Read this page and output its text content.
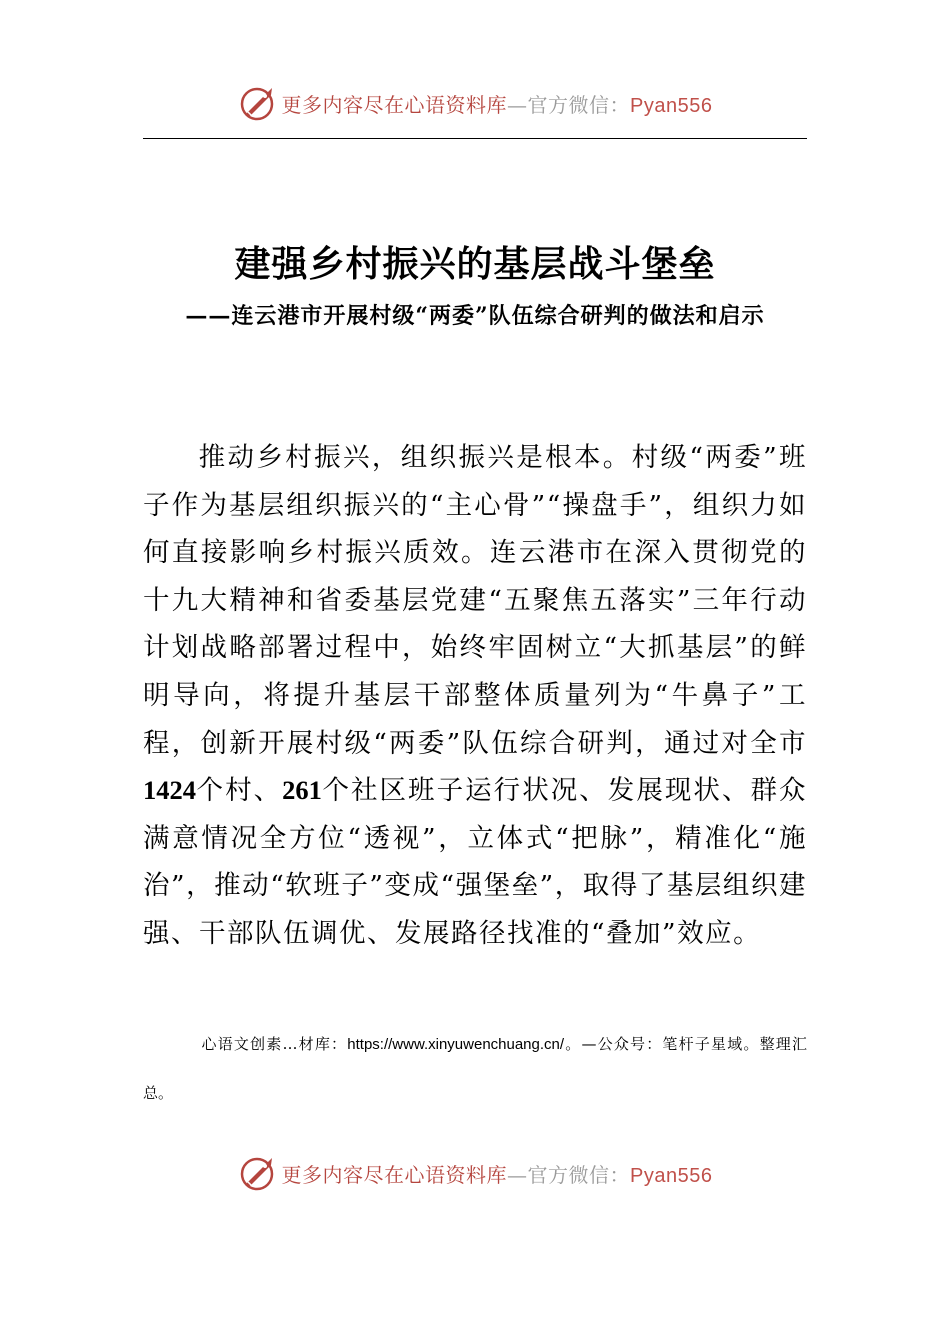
更多内容尽在心语资料库—官方微信：Pyan556
建强乡村振兴的基层战斗堡垒
——连云港市开展村级“两委”队伍综合研判的做法和启示

推动乡村振兴，组织振兴是根本。村级“两委”班子作为基层组织振兴的“主心骨”“操盘手”，组织力如何直接影响乡村振兴质效。连云港市在深入贯彻党的十九大精神和省委基层党建“五聚焦五落实”三年行动计划战略部署过程中，始终牢固树立“大抓基层”的鲜明导向，将提升基层干部整体质量列为“牛鼻子”工程，创新开展村级“两委”队伍综合研判，通过对全市1424个村、261个社区班子运行状况、发展现状、群众满意情况全方位“透视”，立体式“把脉”，精准化“施治”，推动“软班子”变成“强堡垒”，取得了基层组织建强、干部队伍调优、发展路径找准的“叠加”效应。

心语文创素…材库：https://www.xinyuwenchuang.cn/。—公众号：笔杆子星域。整理汇总。

更多内容尽在心语资料库—官方微信：Pyan556
